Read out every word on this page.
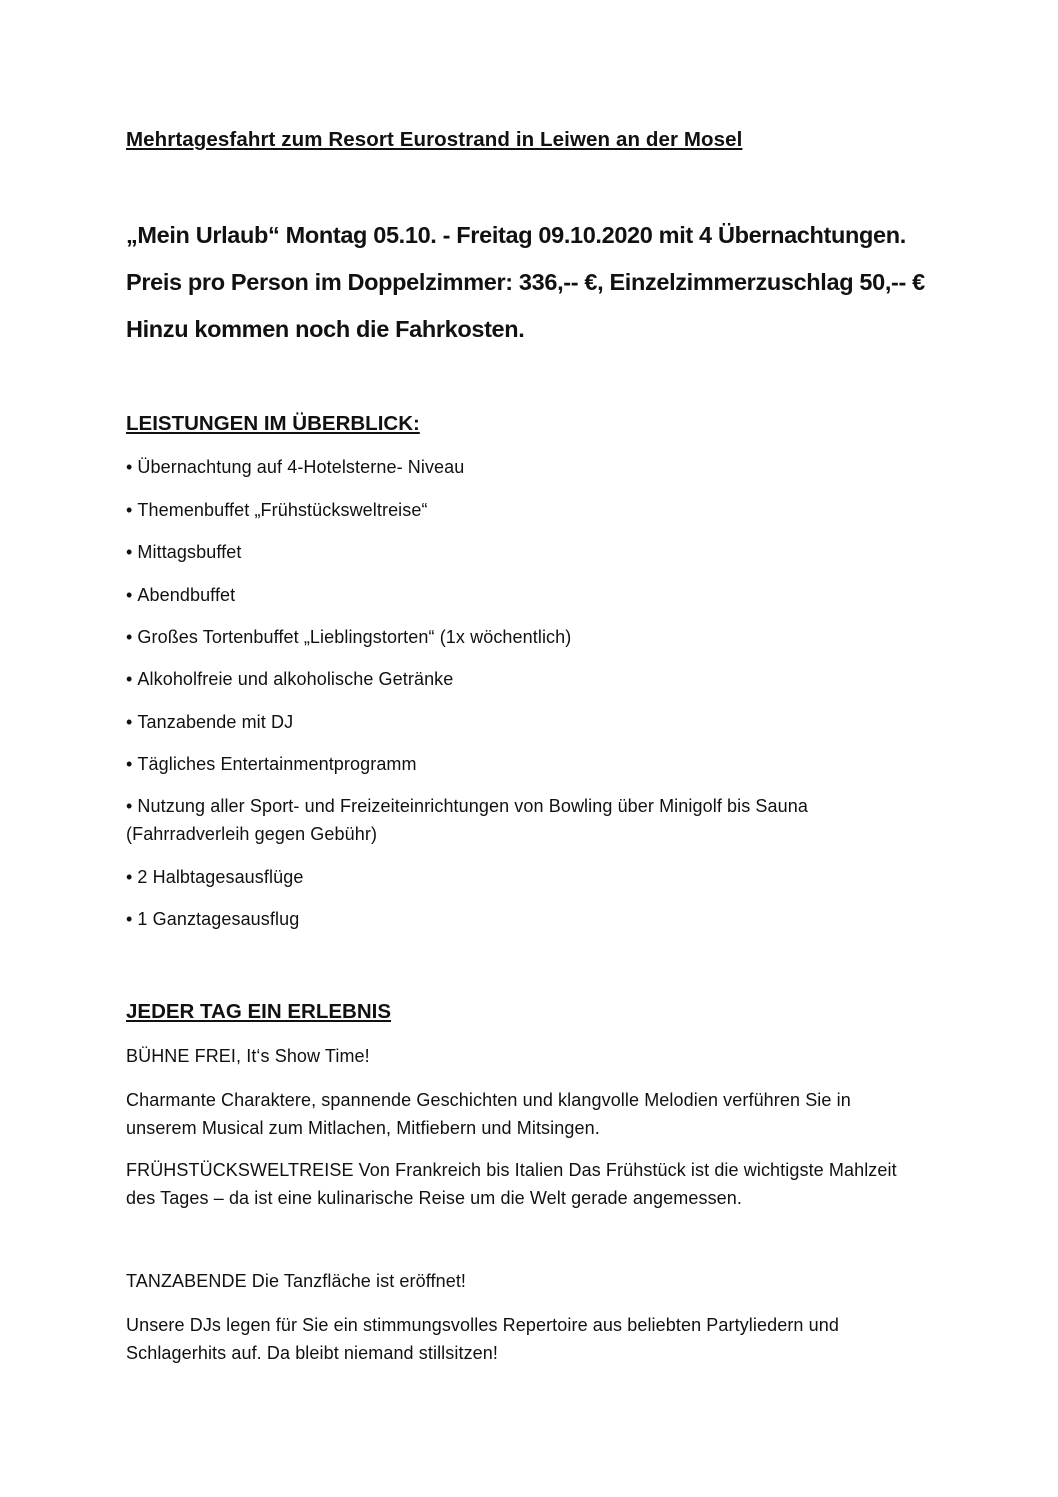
Mehrtagesfahrt zum Resort Eurostrand in Leiwen an der Mosel
„Mein Urlaub“ Montag 05.10. - Freitag 09.10.2020 mit 4 Übernachtungen.
Preis pro Person im Doppelzimmer: 336,-- €, Einzelzimmerzuschlag 50,-- €
Hinzu kommen noch die Fahrkosten.
LEISTUNGEN IM ÜBERBLICK:
• Übernachtung auf 4-Hotelsterne- Niveau
• Themenbuffet „Frühstücksweltreise“
• Mittagsbuffet
• Abendbuffet
• Großes Tortenbuffet „Lieblingstorten“ (1x wöchentlich)
• Alkoholfreie und alkoholische Getränke
• Tanzabende mit DJ
• Tägliches Entertainmentprogramm
• Nutzung aller Sport- und Freizeiteinrichtungen von Bowling über Minigolf bis Sauna
(Fahrradverleih gegen Gebühr)
• 2 Halbtagesausflüge
• 1 Ganztagesausflug
JEDER TAG EIN ERLEBNIS
BÜHNE FREI, It‘s Show Time!
Charmante Charaktere, spannende Geschichten und klangvolle Melodien verführen Sie in
unserem Musical zum Mitlachen, Mitfiebern und Mitsingen.
FRÜHSTÜCKSWELTREISE Von Frankreich bis Italien Das Frühstück ist die wichtigste Mahlzeit
des Tages – da ist eine kulinarische Reise um die Welt gerade angemessen.
TANZABENDE Die Tanzfläche ist eröffnet!
Unsere DJs legen für Sie ein stimmungsvolles Repertoire aus beliebten Partyliedern und
Schlagerhits auf. Da bleibt niemand stillsitzen!
